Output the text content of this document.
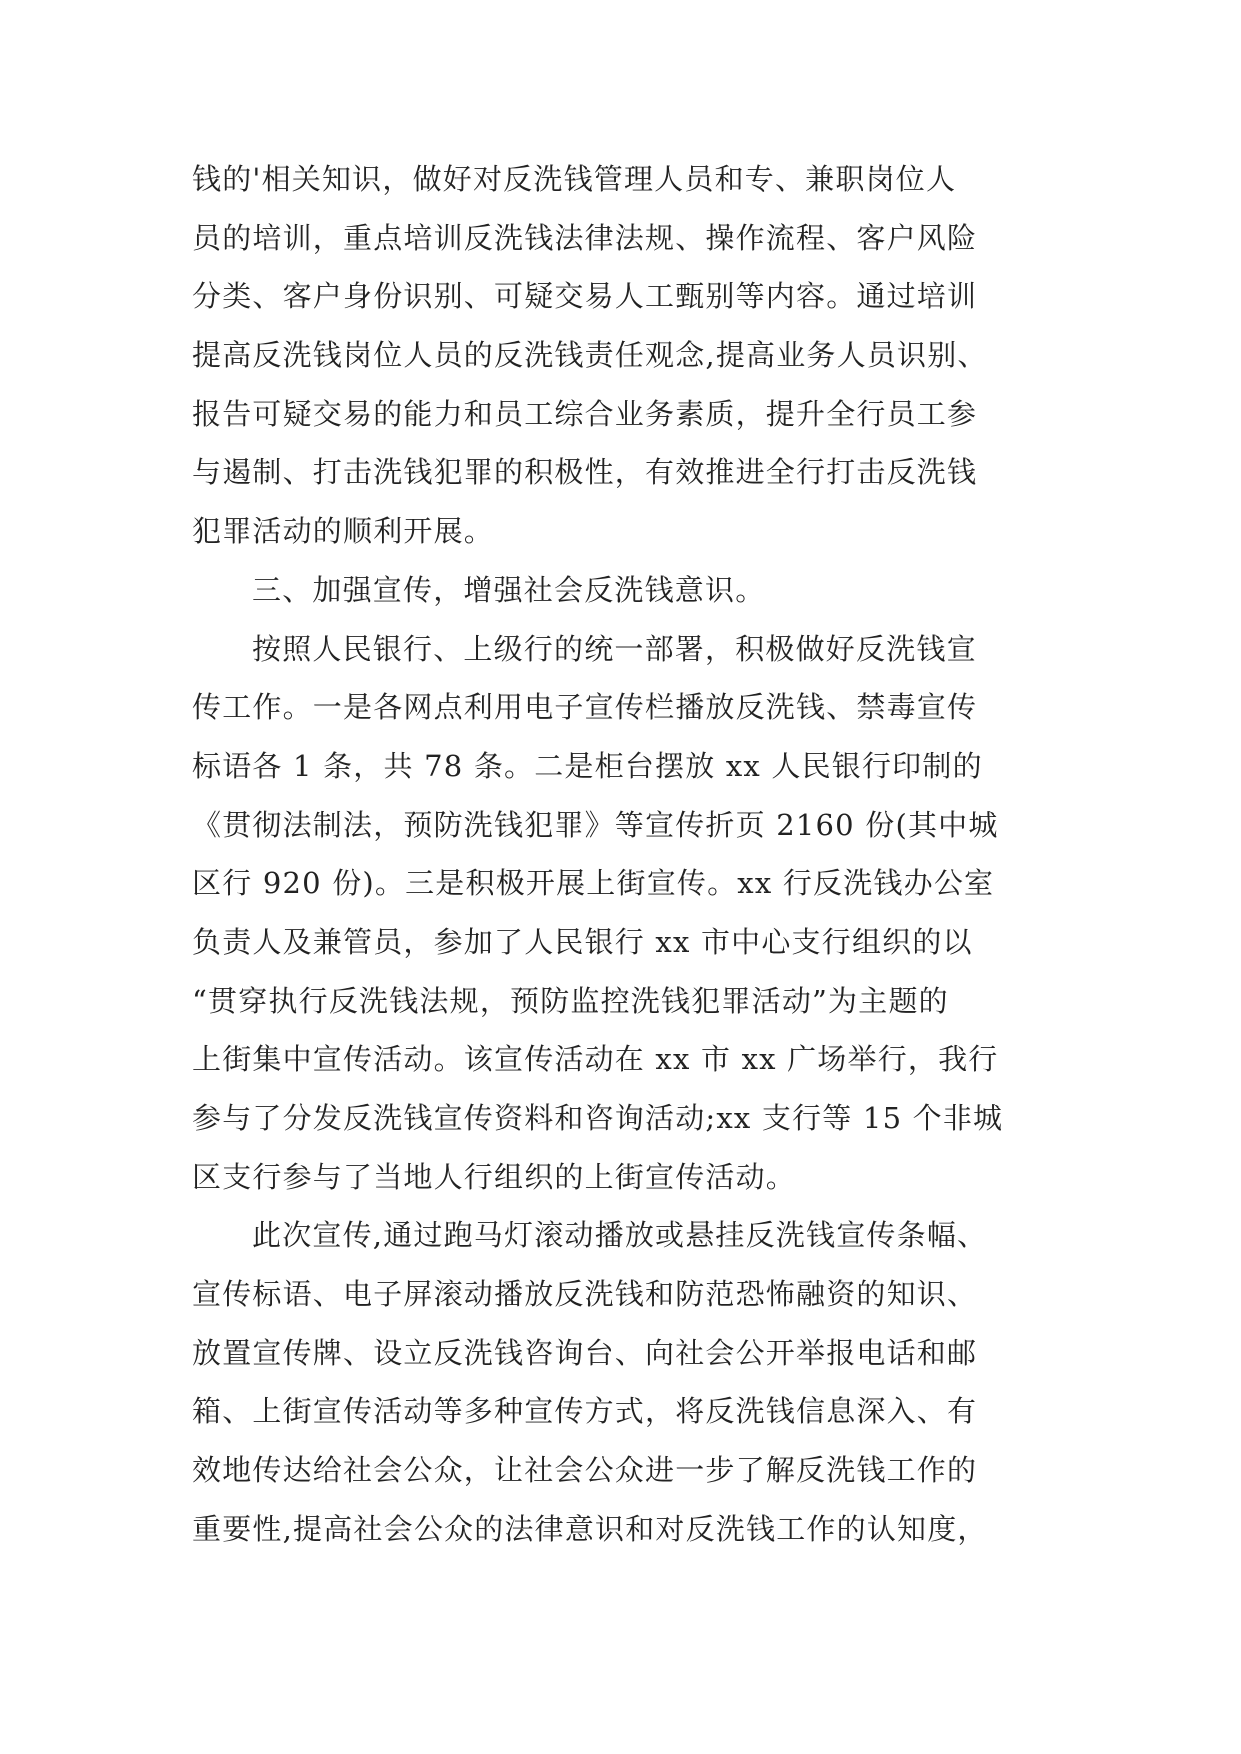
钱的'相关知识，做好对反洗钱管理人员和专、兼职岗位人
员的培训，重点培训反洗钱法律法规、操作流程、客户风险
分类、客户身份识别、可疑交易人工甄别等内容。通过培训
提高反洗钱岗位人员的反洗钱责任观念,提高业务人员识别、
报告可疑交易的能力和员工综合业务素质，提升全行员工参
与遏制、打击洗钱犯罪的积极性，有效推进全行打击反洗钱
犯罪活动的顺利开展。
三、加强宣传，增强社会反洗钱意识。
按照人民银行、上级行的统一部署，积极做好反洗钱宣
传工作。一是各网点利用电子宣传栏播放反洗钱、禁毒宣传
标语各 1 条，共 78 条。二是柜台摆放 xx 人民银行印制的
《贯彻法制法，预防洗钱犯罪》等宣传折页 2160 份(其中城
区行 920 份)。三是积极开展上街宣传。xx 行反洗钱办公室
负责人及兼管员，参加了人民银行 xx 市中心支行组织的以
“贯穿执行反洗钱法规，预防监控洗钱犯罪活动”为主题的
上街集中宣传活动。该宣传活动在 xx 市 xx 广场举行，我行
参与了分发反洗钱宣传资料和咨询活动;xx 支行等 15 个非城
区支行参与了当地人行组织的上街宣传活动。
此次宣传,通过跑马灯滚动播放或悬挂反洗钱宣传条幅、
宣传标语、电子屏滚动播放反洗钱和防范恐怖融资的知识、
放置宣传牌、设立反洗钱咨询台、向社会公开举报电话和邮
箱、上街宣传活动等多种宣传方式，将反洗钱信息深入、有
效地传达给社会公众，让社会公众进一步了解反洗钱工作的
重要性,提高社会公众的法律意识和对反洗钱工作的认知度，
